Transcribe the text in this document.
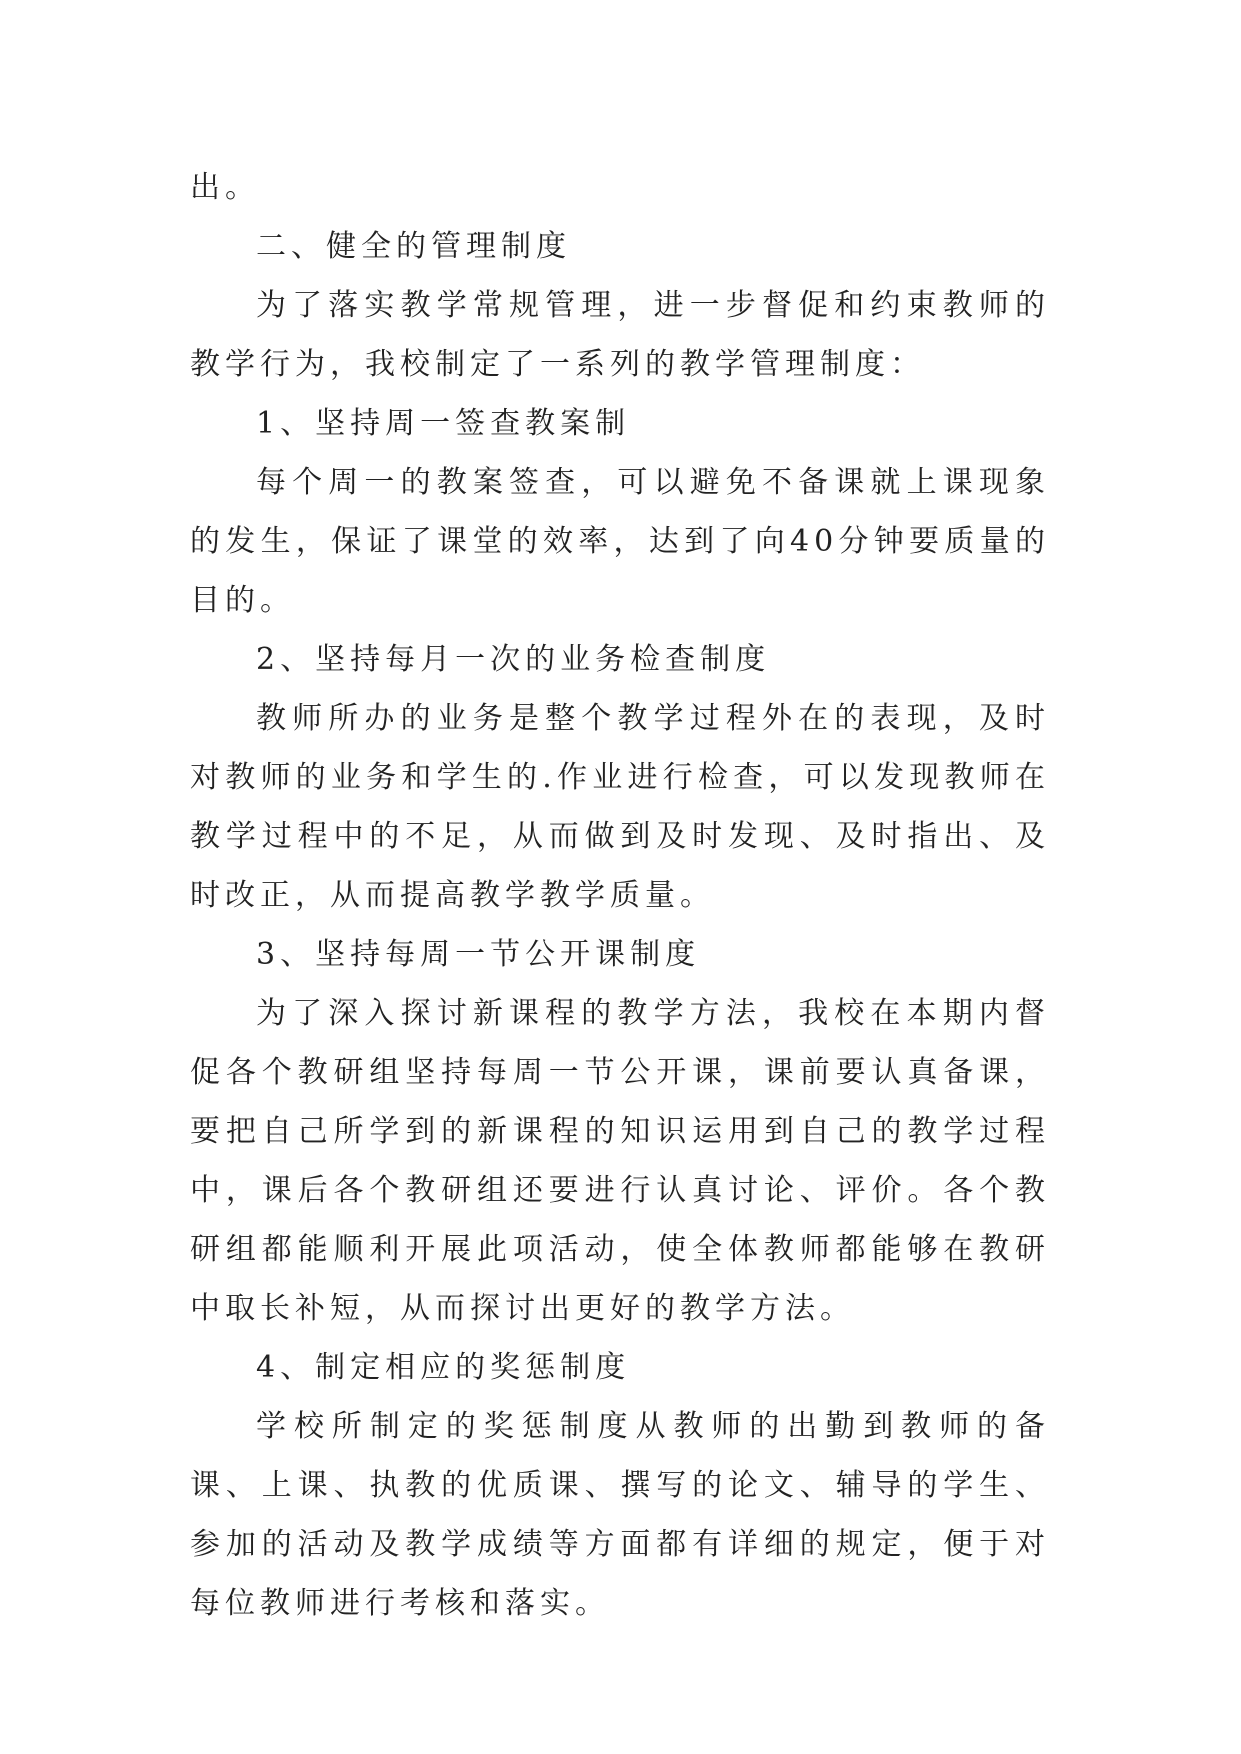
出。

二、健全的管理制度

为了落实教学常规管理，进一步督促和约束教师的教学行为，我校制定了一系列的教学管理制度：

1、坚持周一签查教案制

每个周一的教案签查，可以避免不备课就上课现象的发生，保证了课堂的效率，达到了向40分钟要质量的目的。

2、坚持每月一次的业务检查制度

教师所办的业务是整个教学过程外在的表现，及时对教师的业务和学生的.作业进行检查，可以发现教师在教学过程中的不足，从而做到及时发现、及时指出、及时改正，从而提高教学教学质量。

3、坚持每周一节公开课制度

为了深入探讨新课程的教学方法，我校在本期内督促各个教研组坚持每周一节公开课，课前要认真备课，要把自己所学到的新课程的知识运用到自己的教学过程中，课后各个教研组还要进行认真讨论、评价。各个教研组都能顺利开展此项活动，使全体教师都能够在教研中取长补短，从而探讨出更好的教学方法。

4、制定相应的奖惩制度

学校所制定的奖惩制度从教师的出勤到教师的备课、上课、执教的优质课、撰写的论文、辅导的学生、参加的活动及教学成绩等方面都有详细的规定，便于对每位教师进行考核和落实。
